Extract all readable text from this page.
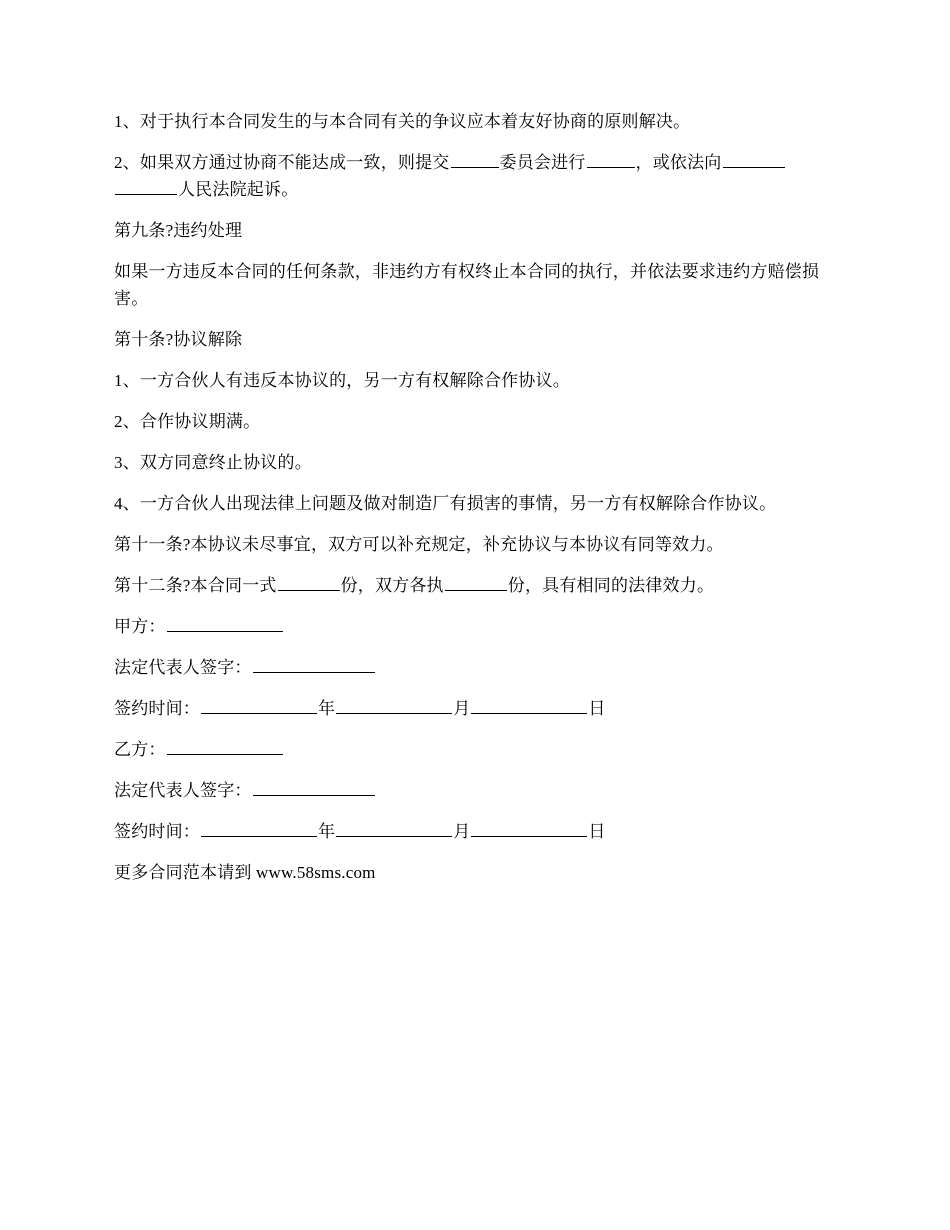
1、对于执行本合同发生的与本合同有关的争议应本着友好协商的原则解决。

2、如果双方通过协商不能达成一致，则提交	委员会进行	，或依法向
人民法院起诉。

第九条?违约处理

如果一方违反本合同的任何条款，非违约方有权终止本合同的执行，并依法要求违约方赔偿损害。

第十条?协议解除

1、一方合伙人有违反本协议的，另一方有权解除合作协议。

2、合作协议期满。

3、双方同意终止协议的。

4、一方合伙人出现法律上问题及做对制造厂有损害的事情，另一方有权解除合作协议。

第十一条?本协议未尽事宜，双方可以补充规定，补充协议与本协议有同等效力。

第十二条?本合同一式	份，双方各执	份，具有相同的法律效力。

甲方：

法定代表人签字：

签约时间：	年	月	日

乙方：

法定代表人签字：

签约时间：	年	月	日

更多合同范本请到 www.58sms.com
